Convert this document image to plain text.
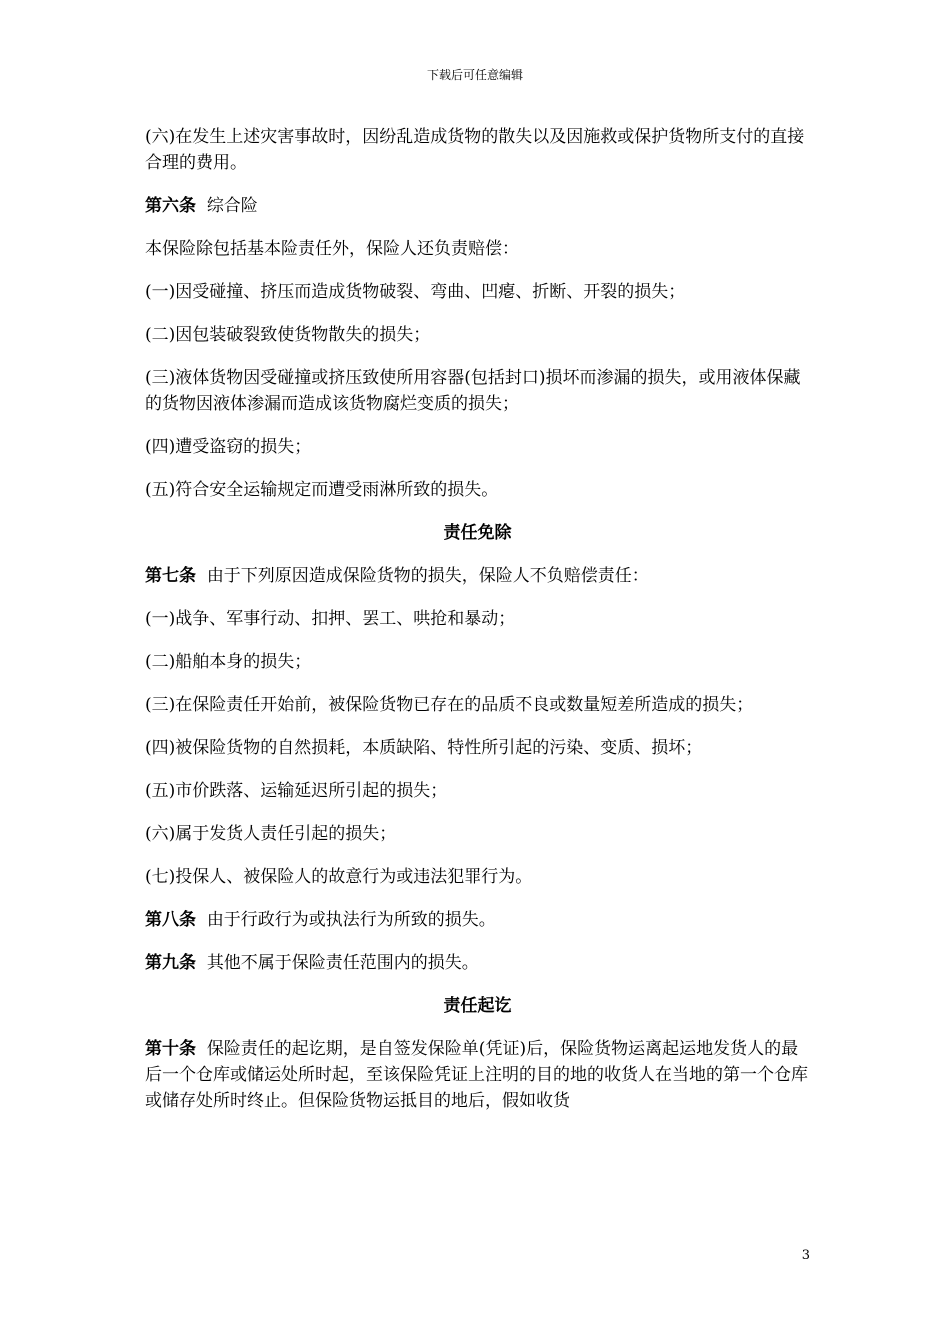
下载后可任意编辑

(六)在发生上述灾害事故时，因纷乱造成货物的散失以及因施救或保护货物所支付的直接合理的费用。

第六条 综合险

本保险除包括基本险责任外，保险人还负责赔偿：

(一)因受碰撞、挤压而造成货物破裂、弯曲、凹瘪、折断、开裂的损失；

(二)因包装破裂致使货物散失的损失；

(三)液体货物因受碰撞或挤压致使所用容器(包括封口)损坏而渗漏的损失，或用液体保藏的货物因液体渗漏而造成该货物腐烂变质的损失；

(四)遭受盗窃的损失；

(五)符合安全运输规定而遭受雨淋所致的损失。

责任免除

第七条 由于下列原因造成保险货物的损失，保险人不负赔偿责任：

(一)战争、军事行动、扣押、罢工、哄抢和暴动；

(二)船舶本身的损失；

(三)在保险责任开始前，被保险货物已存在的品质不良或数量短差所造成的损失；

(四)被保险货物的自然损耗，本质缺陷、特性所引起的污染、变质、损坏；

(五)市价跌落、运输延迟所引起的损失；

(六)属于发货人责任引起的损失；

(七)投保人、被保险人的故意行为或违法犯罪行为。

第八条 由于行政行为或执法行为所致的损失。

第九条 其他不属于保险责任范围内的损失。

责任起讫

第十条 保险责任的起讫期，是自签发保险单(凭证)后，保险货物运离起运地发货人的最后一个仓库或储运处所时起，至该保险凭证上注明的目的地的收货人在当地的第一个仓库或储存处所时终止。但保险货物运抵目的地后，假如收货

3
